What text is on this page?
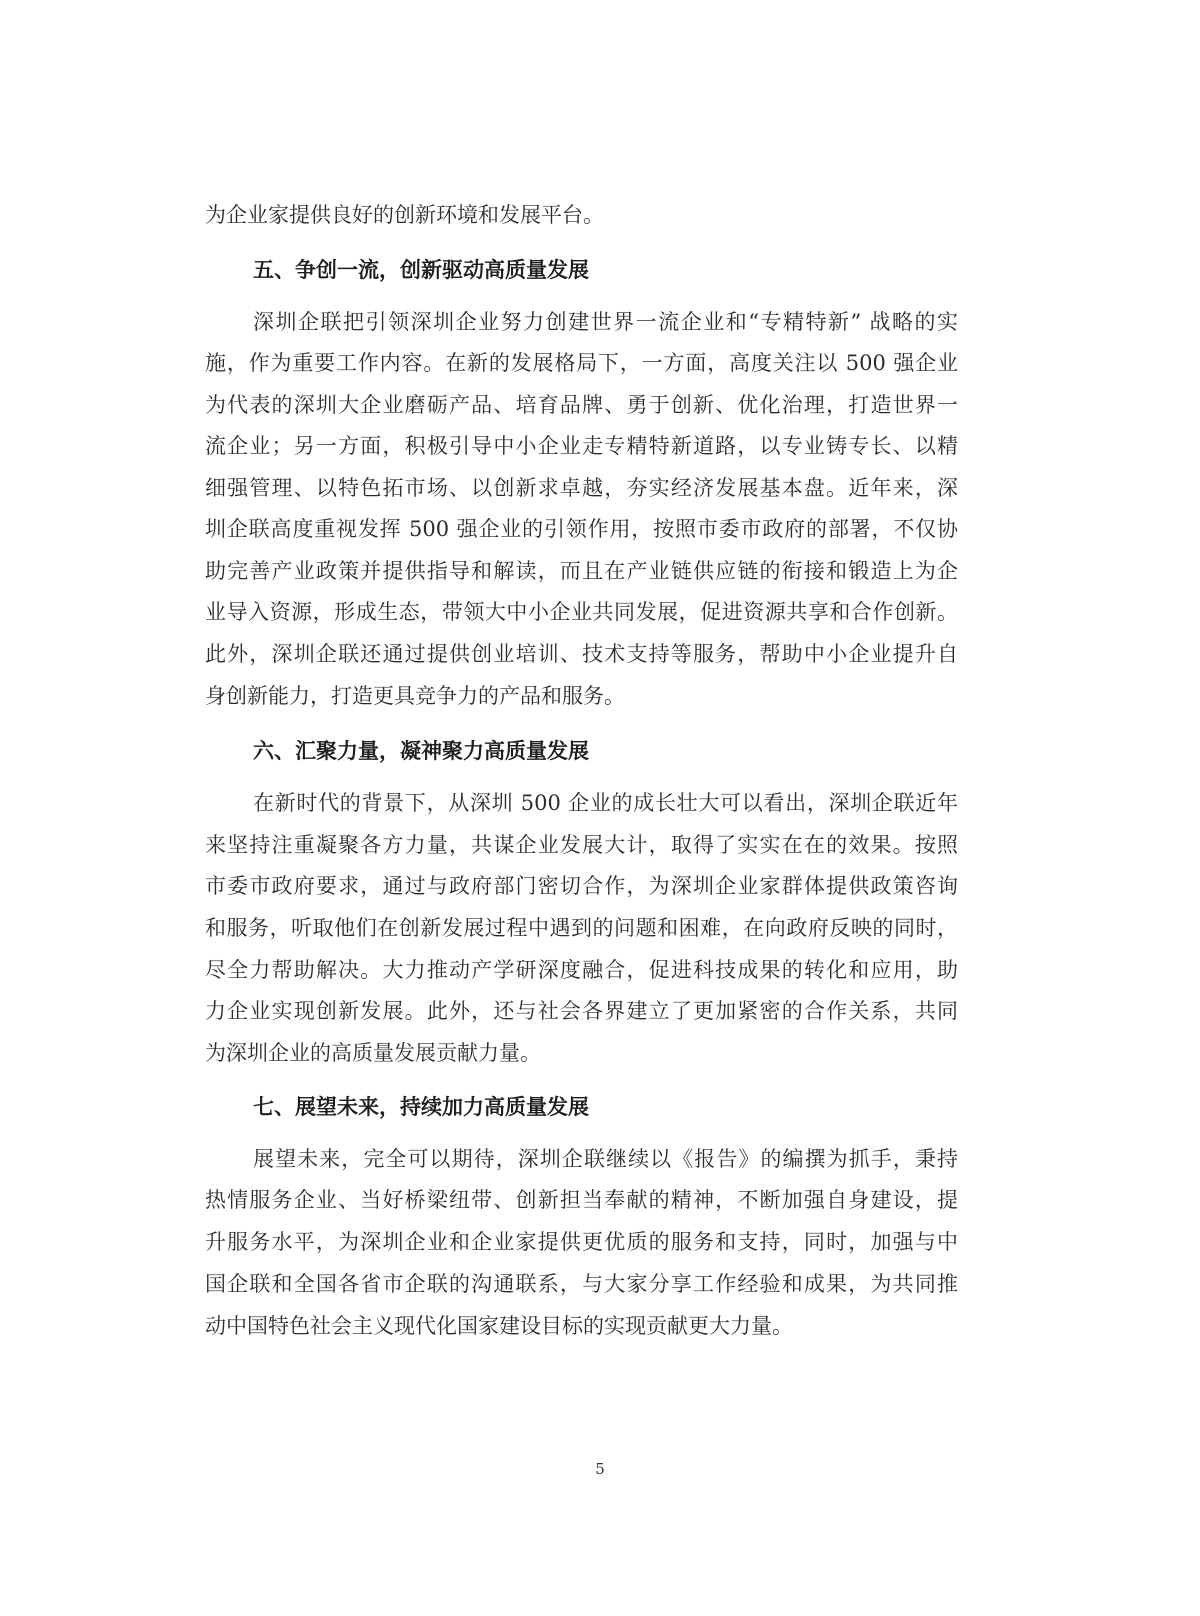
为企业家提供良好的创新环境和发展平台。
五、争创一流，创新驱动高质量发展
深圳企联把引领深圳企业努力创建世界一流企业和“专精特新” 战略的实
施，作为重要工作内容。在新的发展格局下，一方面，高度关注以 500 强企业
为代表的深圳大企业磨砺产品、培育品牌、勇于创新、优化治理，打造世界一
流企业；另一方面，积极引导中小企业走专精特新道路，以专业铸专长、以精
细强管理、以特色拓市场、以创新求卓越，夯实经济发展基本盘。近年来，深
圳企联高度重视发挥 500 强企业的引领作用，按照市委市政府的部署，不仅协
助完善产业政策并提供指导和解读，而且在产业链供应链的衔接和锻造上为企
业导入资源，形成生态，带领大中小企业共同发展，促进资源共享和合作创新。
此外，深圳企联还通过提供创业培训、技术支持等服务，帮助中小企业提升自
身创新能力，打造更具竞争力的产品和服务。
六、汇聚力量，凝神聚力高质量发展
在新时代的背景下，从深圳 500 企业的成长壮大可以看出，深圳企联近年
来坚持注重凝聚各方力量，共谋企业发展大计，取得了实实在在的效果。按照
市委市政府要求，通过与政府部门密切合作，为深圳企业家群体提供政策咨询
和服务，听取他们在创新发展过程中遇到的问题和困难，在向政府反映的同时，
尽全力帮助解决。大力推动产学研深度融合，促进科技成果的转化和应用，助
力企业实现创新发展。此外，还与社会各界建立了更加紧密的合作关系，共同
为深圳企业的高质量发展贡献力量。
七、展望未来，持续加力高质量发展
展望未来，完全可以期待，深圳企联继续以《报告》的编撰为抓手，秉持
热情服务企业、当好桥梁纽带、创新担当奉献的精神，不断加强自身建设，提
升服务水平，为深圳企业和企业家提供更优质的服务和支持，同时，加强与中
国企联和全国各省市企联的沟通联系，与大家分享工作经验和成果，为共同推
动中国特色社会主义现代化国家建设目标的实现贡献更大力量。
5
